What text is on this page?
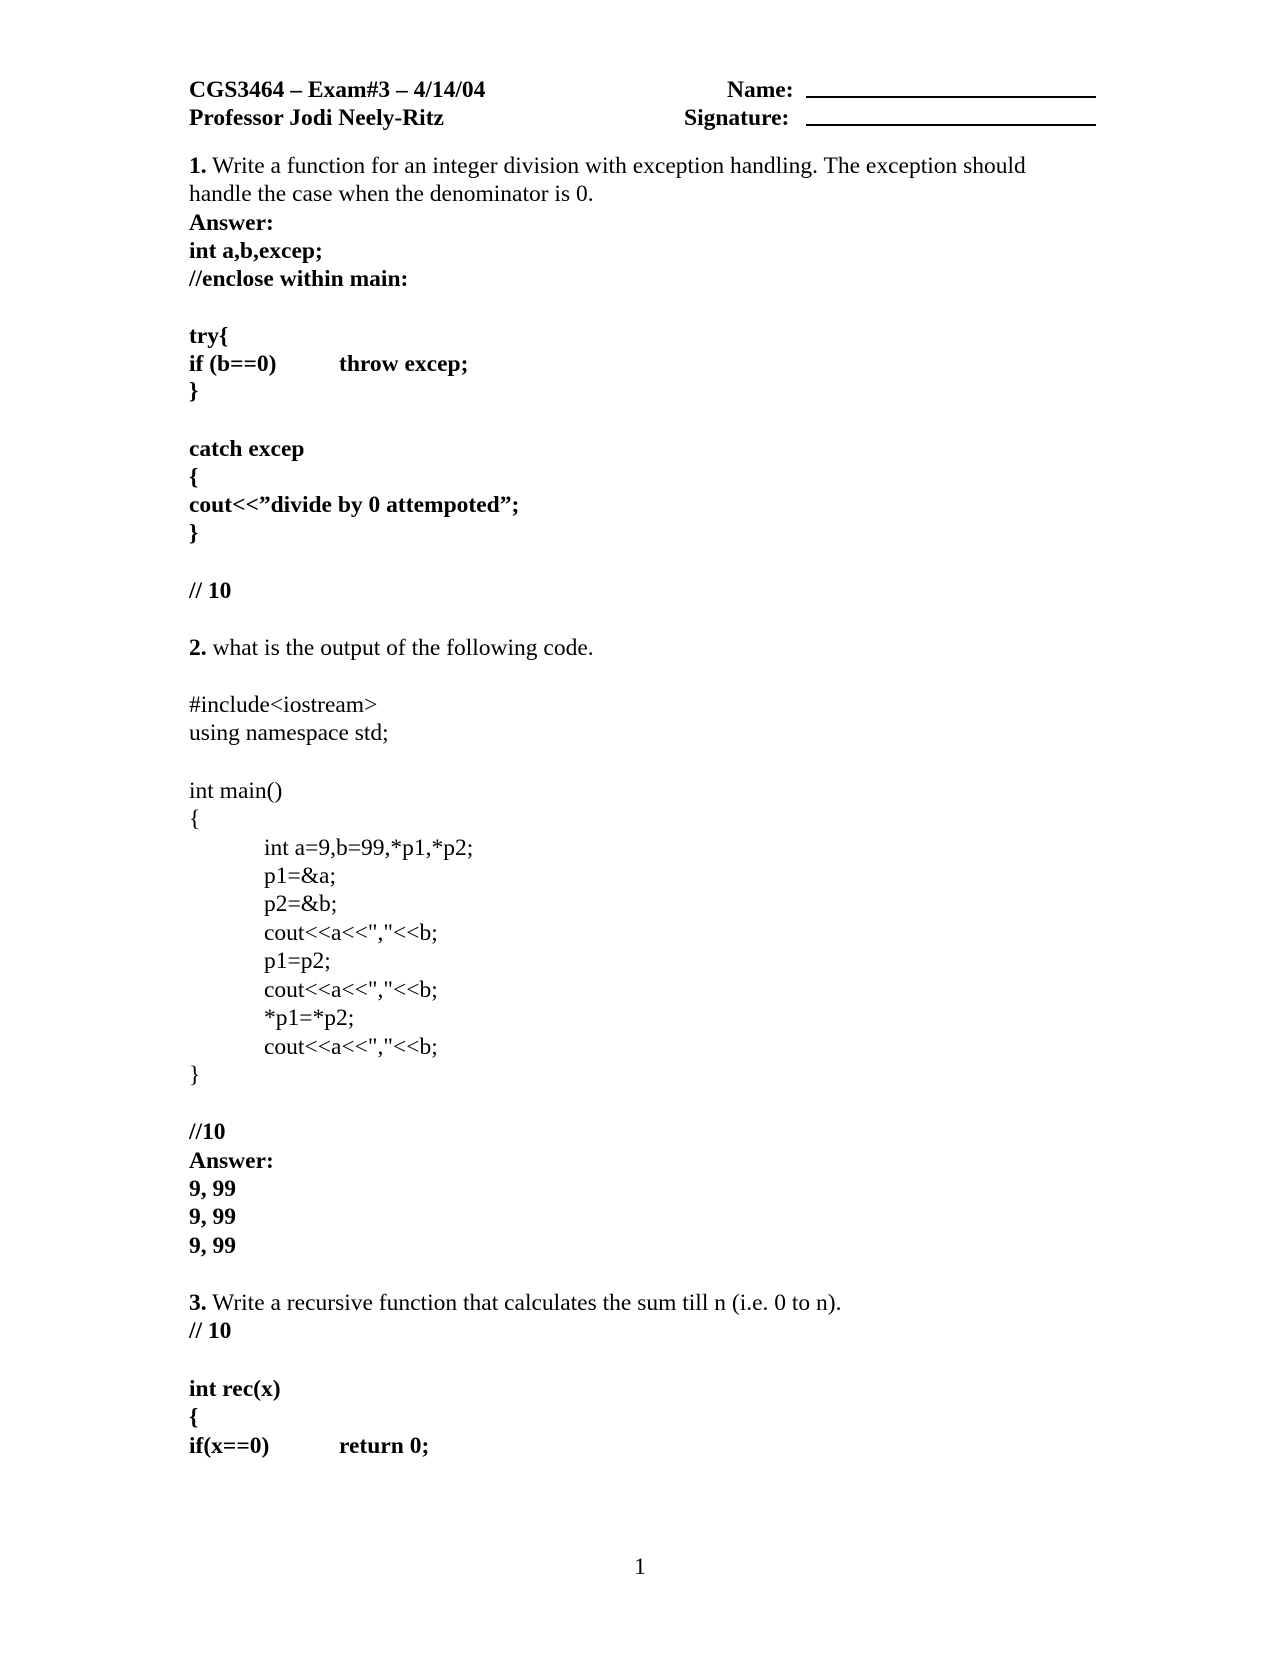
CGS3464 – Exam#3 – 4/14/04
Professor Jodi Neely-Ritz
Name:
Signature:
1. Write a function for an integer division with exception handling. The exception should
handle the case when the denominator is 0.
Answer:
int a,b,excep;
//enclose within main:
try{
if (b==0)	throw excep;
}
catch excep
{
cout<<”divide by 0 attempoted”;
}
// 10
2. what is the output of the following code.
#include<iostream>
using namespace std;
int main()
{
int a=9,b=99,*p1,*p2;
p1=&a;
p2=&b;
cout<<a<<","<<b;
p1=p2;
cout<<a<<","<<b;
*p1=*p2;
cout<<a<<","<<b;
}
//10
Answer:
9, 99
9, 99
9, 99
3. Write a recursive function that calculates the sum till n (i.e. 0 to n).
// 10
int rec(x)
{
if(x==0)	return 0;
1
